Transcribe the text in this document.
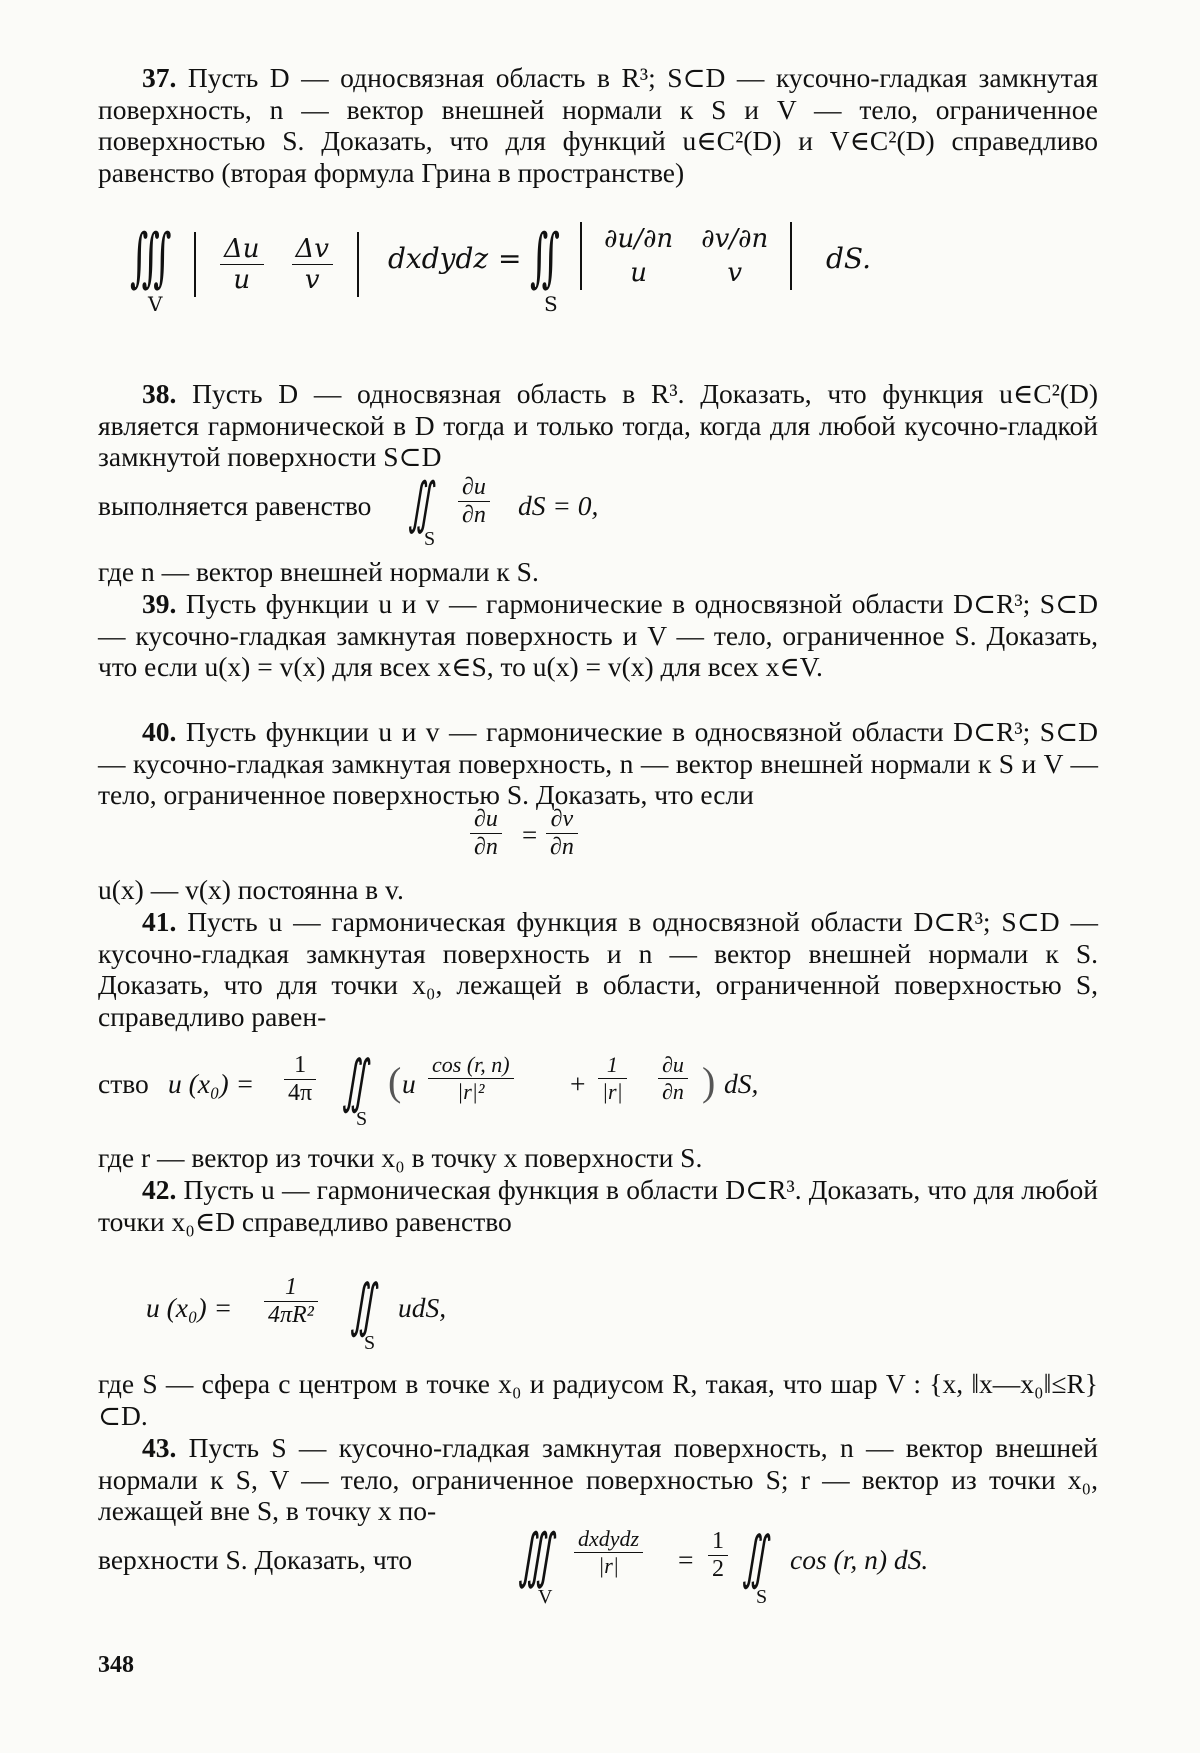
37. Пусть D — односвязная область в R³; S⊂D — кусочно-гладкая замкнутая поверхность, n — вектор внешней нормали к S и V — тело, ограниченное поверхностью S. Доказать, что для функций u∈C²(D) и V∈C²(D) справедливо равенство (вторая формула Грина в пространстве)

∭
V
$\frac{\Delta u}{u}$	$\frac{\Delta v}{v}$ dxdydz = ∬
S
∂u/∂n	∂v/∂n
u	v	dS.

38. Пусть D — односвязная область в R³. Доказать, что функция u∈C²(D) является гармонической в D тогда и только тогда, когда для любой кусочно-гладкой замкнутой поверхности S⊂D

выполняется равенство ∬
S
$\frac{\partial u}{\partial n}$ dS = 0,
где n — вектор внешней нормали к S.

39. Пусть функции u и v — гармонические в односвязной области D⊂R³; S⊂D — кусочно-гладкая замкнутая поверхность и V — тело, ограниченное S. Доказать, что если u(x) = v(x) для всех x∈S, то u(x) = v(x) для всех x∈V.

40. Пусть функции u и v — гармонические в односвязной области D⊂R³; S⊂D — кусочно-гладкая замкнутая поверхность, n — вектор внешней нормали к S и V — тело, ограниченное поверхностью S. Доказать, что если

$\frac{\partial u}{\partial n} = \frac{\partial v}{\partial n}$
u(x) — v(x) постоянна в v.

41. Пусть u — гармоническая функция в односвязной области D⊂R³; S⊂D — кусочно-гладкая замкнутая поверхность и n — вектор внешней нормали к S. Доказать, что для точки x₀, лежащей в области, ограниченной поверхностью S, справедливо равен-

ство u $(x_0) = \frac{1}{4\pi}$ ∬
S
( u $\frac{\cos (r, n)}{\text{|r|²}} + \frac{1}{|r|} \frac{\partial u}{\partial n}$ ) dS,
где r — вектор из точки x₀ в точку x поверхности S.

42. Пусть u — гармоническая функция в области D⊂R³. Доказать, что для любой точки x₀∈D справедливо равенство

u $(x_0) = \frac{1}{\text{4πR²}}$ ∬
S
udS,

где S — сфера с центром в точке x₀ и радиусом R, такая, что шар V : {x, ‖x—x₀‖≤R}⊂D.

43. Пусть S — кусочно-гладкая замкнутая поверхность, n — вектор внешней нормали к S, V — тело, ограниченное поверхностью S; r — вектор из точки x₀, лежащей вне S, в точку x по-

верхности S. Доказать, что ∭
V
dxdydz
|r|	= $\frac{1}{2}$ ∬
S
cos (r, n) dS.
348
